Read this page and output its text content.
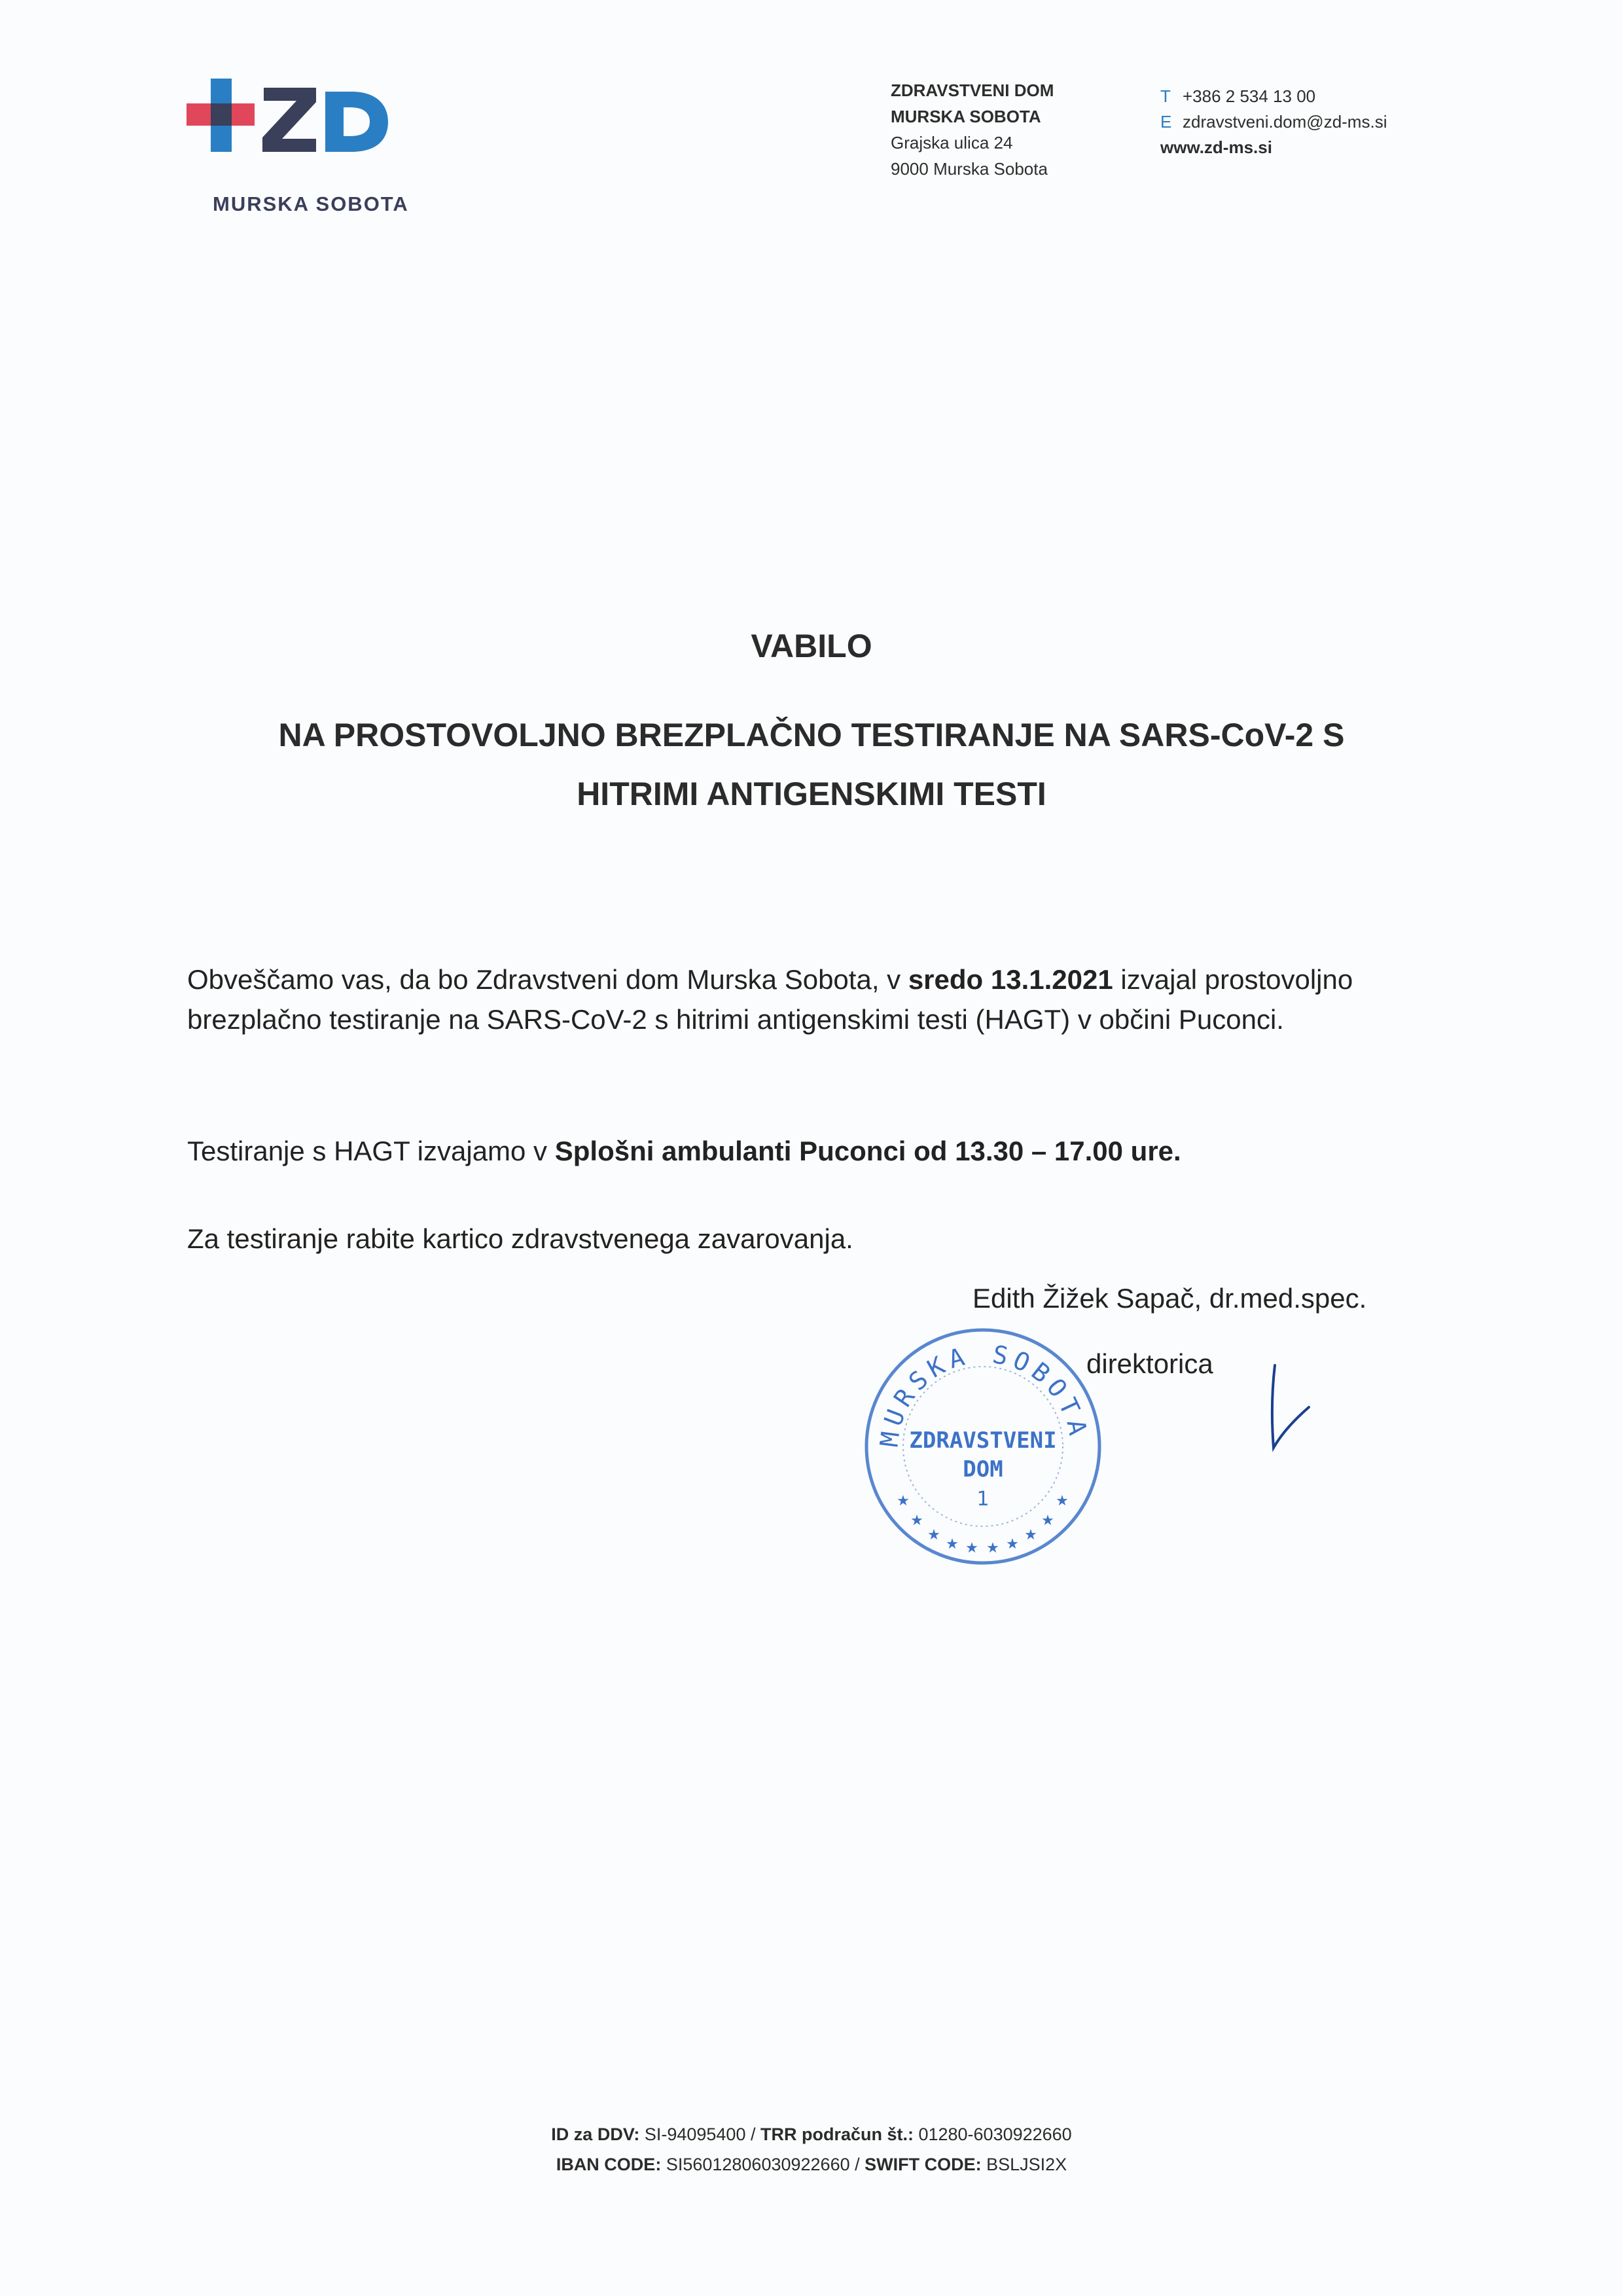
MURSKA SOBOTA
ZDRAVSTVENI DOM
MURSKA SOBOTA
Grajska ulica 24
9000 Murska Sobota
T +386 2 534 13 00
E zdravstveni.dom@zd-ms.si
www.zd-ms.si
VABILO
NA PROSTOVOLJNO BREZPLAČNO TESTIRANJE NA SARS-CoV-2 S
HITRIMI ANTIGENSKIMI TESTI
Obveščamo vas, da bo Zdravstveni dom Murska Sobota, v sredo 13.1.2021 izvajal prostovoljno brezplačno testiranje na SARS-CoV-2 s hitrimi antigenskimi testi (HAGT) v občini Puconci.
Testiranje s HAGT izvajamo v Splošni ambulanti Puconci od 13.30 – 17.00 ure.
Za testiranje rabite kartico zdravstvenega zavarovanja.
Edith Žižek Sapač, dr.med.spec.
direktorica
MURSKA SOBOTA
ZDRAVSTVENI
DOM
1
★
★
★
★ ★ ★ ★
★
★
★
ID za DDV: SI-94095400 / TRR podračun št.: 01280-6030922660
IBAN CODE: SI56012806030922660 / SWIFT CODE: BSLJSI2X
